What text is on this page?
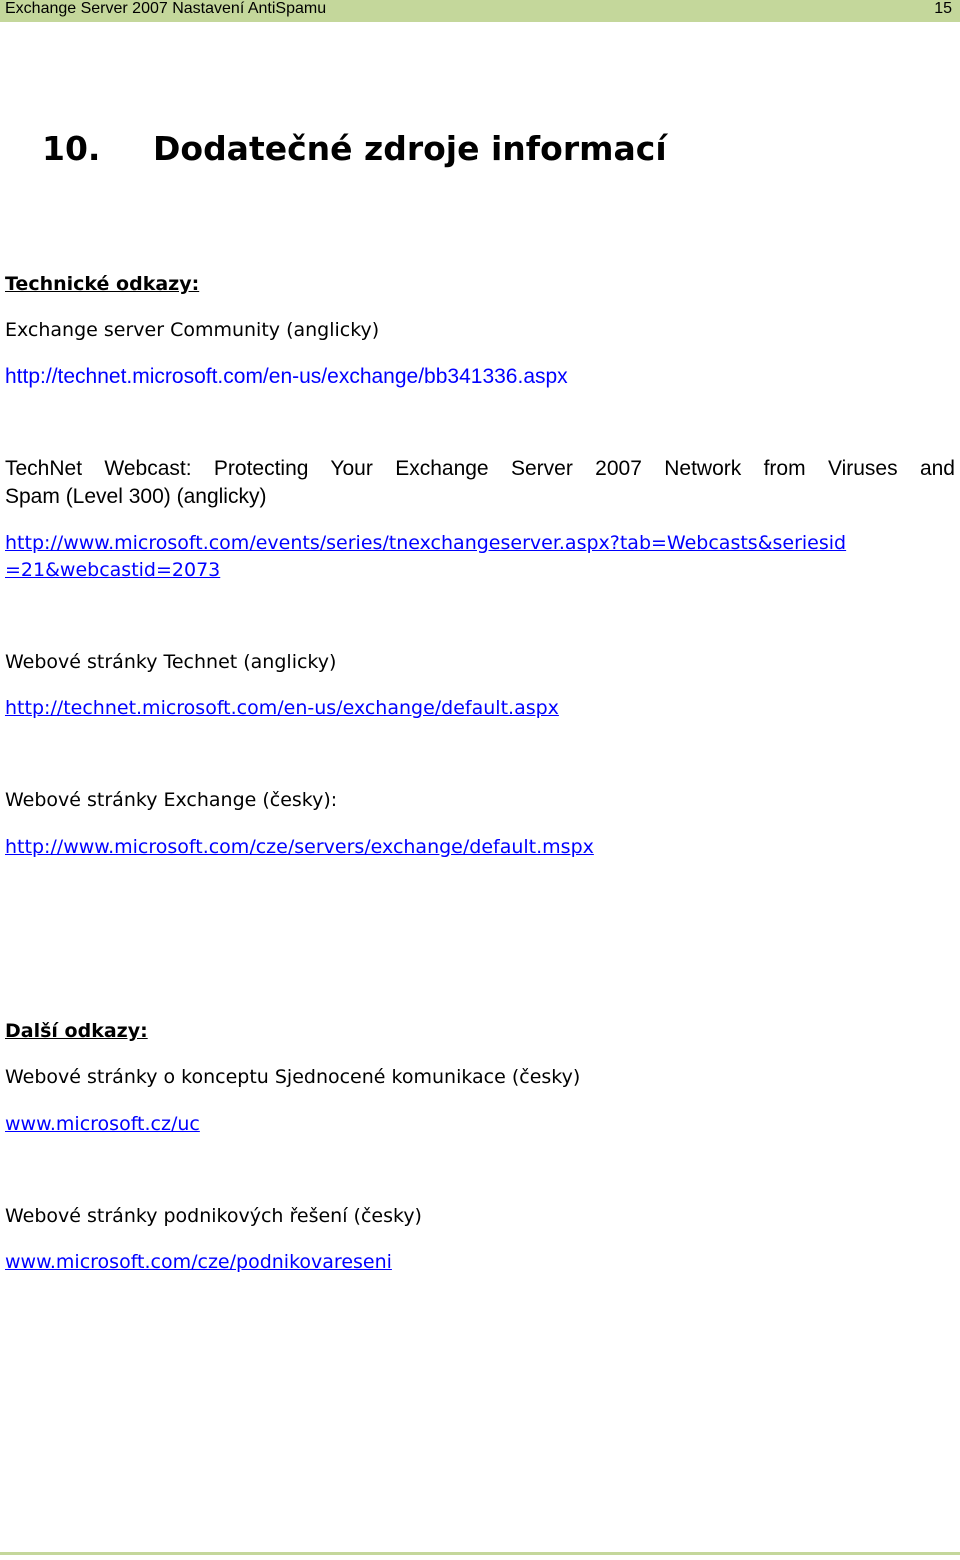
Exchange Server 2007 Nastavení AntiSpamu	15
10. Dodatečné zdroje informací
Technické odkazy:
Exchange server Community (anglicky)
http://technet.microsoft.com/en-us/exchange/bb341336.aspx
TechNet Webcast: Protecting Your Exchange Server 2007 Network from Viruses and
Spam (Level 300) (anglicky)
http://www.microsoft.com/events/series/tnexchangeserver.aspx?tab=Webcasts&seriesid
=21&webcastid=2073
Webové stránky Technet (anglicky)
http://technet.microsoft.com/en-us/exchange/default.aspx
Webové stránky Exchange (česky):
http://www.microsoft.com/cze/servers/exchange/default.mspx
Další odkazy:
Webové stránky o konceptu Sjednocené komunikace (česky)
www.microsoft.cz/uc
Webové stránky podnikových řešení (česky)
www.microsoft.com/cze/podnikovareseni
